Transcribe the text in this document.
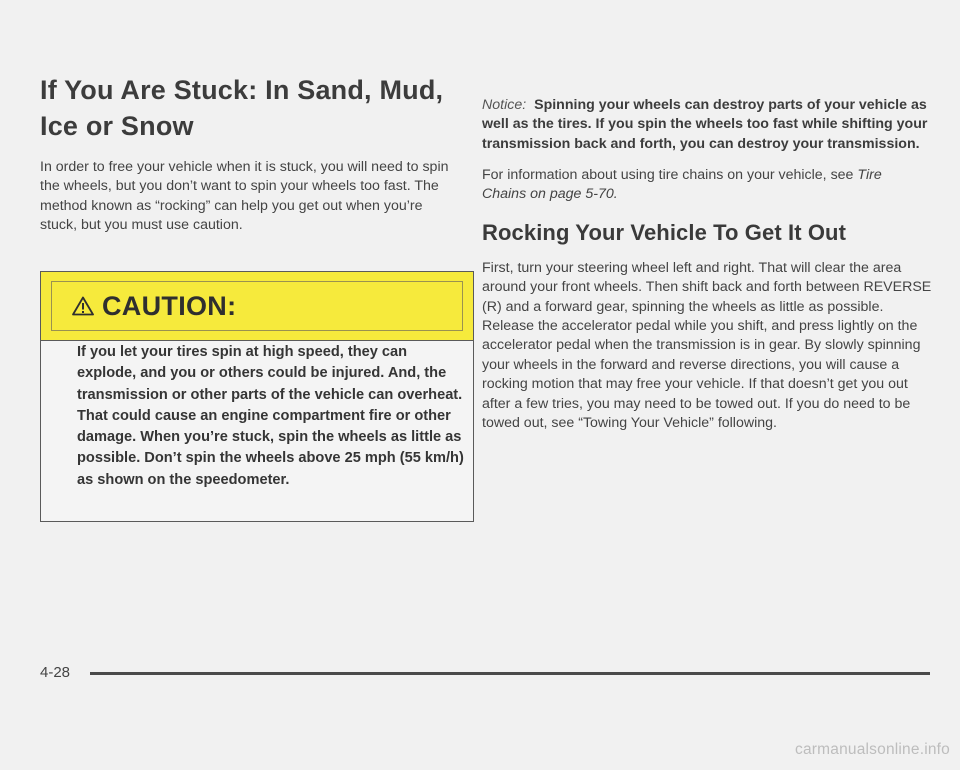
If You Are Stuck: In Sand, Mud, Ice or Snow

In order to free your vehicle when it is stuck, you will need to spin the wheels, but you don’t want to spin your wheels too fast. The method known as “rocking” can help you get out when you’re stuck, but you must use caution.

CAUTION:

If you let your tires spin at high speed, they can explode, and you or others could be injured. And, the transmission or other parts of the vehicle can overheat. That could cause an engine compartment fire or other damage. When you’re stuck, spin the wheels as little as possible. Don’t spin the wheels above 25 mph (55 km/h) as shown on the speedometer.

Notice: Spinning your wheels can destroy parts of your vehicle as well as the tires. If you spin the wheels too fast while shifting your transmission back and forth, you can destroy your transmission.

For information about using tire chains on your vehicle, see Tire Chains on page 5-70.

Rocking Your Vehicle To Get It Out

First, turn your steering wheel left and right. That will clear the area around your front wheels. Then shift back and forth between REVERSE (R) and a forward gear, spinning the wheels as little as possible. Release the accelerator pedal while you shift, and press lightly on the accelerator pedal when the transmission is in gear. By slowly spinning your wheels in the forward and reverse directions, you will cause a rocking motion that may free your vehicle. If that doesn’t get you out after a few tries, you may need to be towed out. If you do need to be towed out, see “Towing Your Vehicle” following.

4-28
carmanualsonline.info
